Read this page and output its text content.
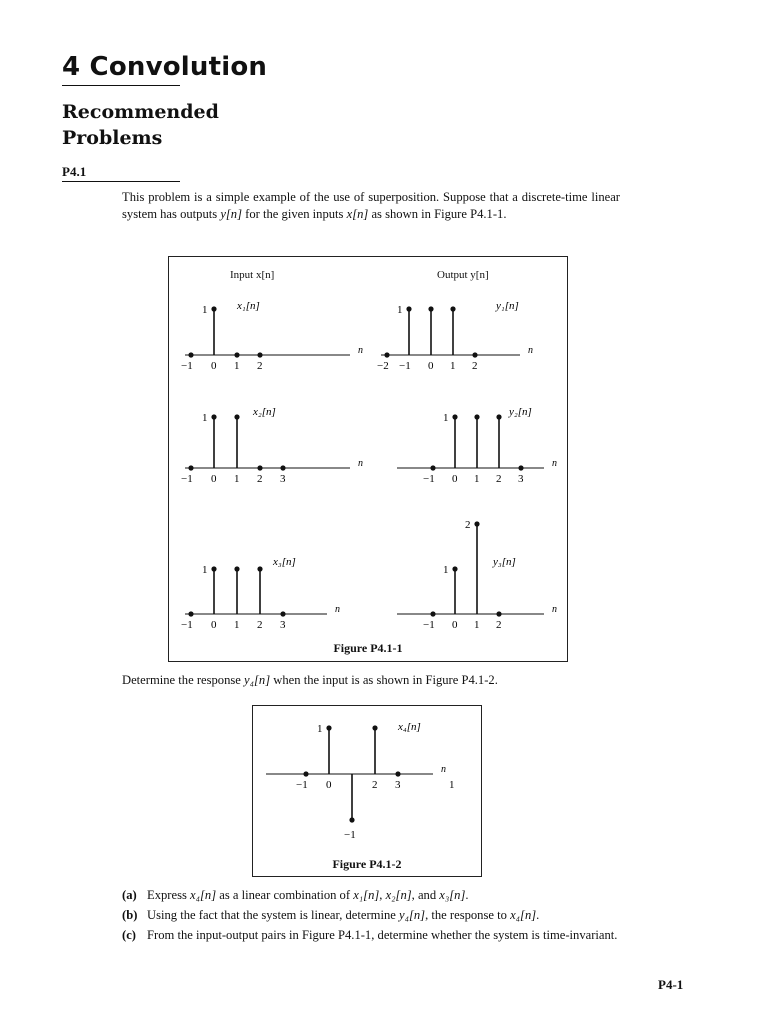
4 Convolution
Recommended
Problems

P4.1

This problem is a simple example of the use of superposition. Suppose that a discrete-time linear system has outputs y[n] for the given inputs x[n] as shown in Figure P4.1-1.

n
−1 0 1 2
1	x₁[n]
n
−2 −1 0 1 2
1	y₁[n]
n
−1 0 1 2 3
1	x₂[n]
n
−1 0 1 2 3
1	y₂[n]
n
−1 0 1 2 3
1
x₃[n]
n
−1 0 1 2
1
2
y₃[n]
Input x[n]	Output y[n]

Figure P4.1-1

Determine the response y₄[n] when the input is as shown in Figure P4.1-2.

n
−1 0	1
2 3
1
−1
x₄[n]

Figure P4.1-2

(a) Express x₄[n] as a linear combination of x₁[n], x₂[n], and x₃[n].
(b) Using the fact that the system is linear, determine y₄[n], the response to x₄[n].
(c) From the input-output pairs in Figure P4.1-1, determine whether the system is time-invariant.

P4-1
